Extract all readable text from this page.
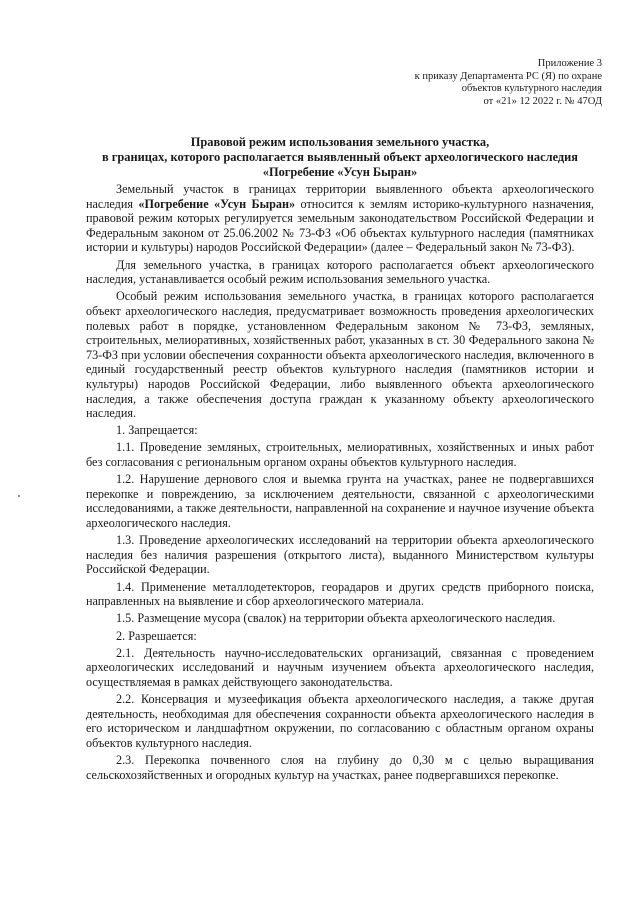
Приложение 3
к приказу Департамента РС (Я) по охране
объектов культурного наследия
от «21» 12 2022 г. № 47ОД
Правовой режим использования земельного участка,
в границах, которого располагается выявленный объект археологического наследия
«Погребение «Усун Быран»

Земельный участок в границах территории выявленного объекта археологического наследия «Погребение «Усун Быран» относится к землям историко-культурного назначения, правовой режим которых регулируется земельным законодательством Российской Федерации и Федеральным законом от 25.06.2002 № 73-ФЗ «Об объектах культурного наследия (памятниках истории и культуры) народов Российской Федерации» (далее – Федеральный закон № 73-ФЗ).

Для земельного участка, в границах которого располагается объект археологического наследия, устанавливается особый режим использования земельного участка.

Особый режим использования земельного участка, в границах которого располагается объект археологического наследия, предусматривает возможность проведения археологических полевых работ в порядке, установленном Федеральным законом № 73-ФЗ, земляных, строительных, мелиоративных, хозяйственных работ, указанных в ст. 30 Федерального закона № 73-ФЗ при условии обеспечения сохранности объекта археологического наследия, включенного в единый государственный реестр объектов культурного наследия (памятников истории и культуры) народов Российской Федерации, либо выявленного объекта археологического наследия, а также обеспечения доступа граждан к указанному объекту археологического наследия.

1. Запрещается:

1.1. Проведение земляных, строительных, мелиоративных, хозяйственных и иных работ без согласования с региональным органом охраны объектов культурного наследия.

1.2. Нарушение дернового слоя и выемка грунта на участках, ранее не подвергавшихся перекопке и повреждению, за исключением деятельности, связанной с археологическими исследованиями, а также деятельности, направленной на сохранение и научное изучение объекта археологического наследия.

1.3. Проведение археологических исследований на территории объекта археологического наследия без наличия разрешения (открытого листа), выданного Министерством культуры Российской Федерации.

1.4. Применение металлодетекторов, георадаров и других средств приборного поиска, направленных на выявление и сбор археологического материала.

1.5. Размещение мусора (свалок) на территории объекта археологического наследия.

2. Разрешается:

2.1. Деятельность научно-исследовательских организаций, связанная с проведением археологических исследований и научным изучением объекта археологического наследия, осуществляемая в рамках действующего законодательства.

2.2. Консервация и музеефикация объекта археологического наследия, а также другая деятельность, необходимая для обеспечения сохранности объекта археологического наследия в его историческом и ландшафтном окружении, по согласованию с областным органом охраны объектов культурного наследия.

2.3. Перекопка почвенного слоя на глубину до 0,30 м с целью выращивания сельскохозяйственных и огородных культур на участках, ранее подвергавшихся перекопке.
